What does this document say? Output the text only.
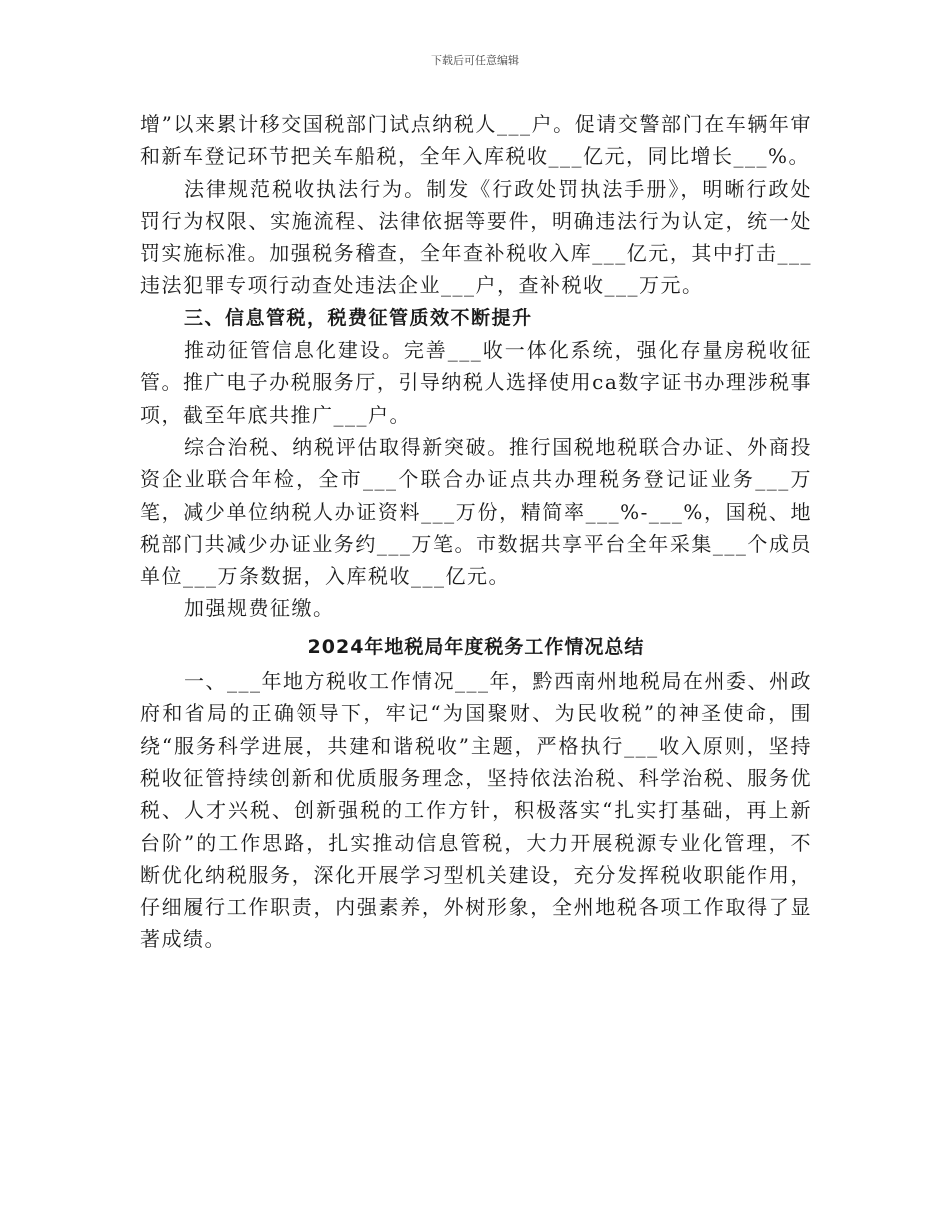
下载后可任意编辑

增”以来累计移交国税部门试点纳税人___户。促请交警部门在车辆年审和新车登记环节把关车船税，全年入库税收___亿元，同比增长___%。

法律规范税收执法行为。制发《行政处罚执法手册》，明晰行政处罚行为权限、实施流程、法律依据等要件，明确违法行为认定，统一处罚实施标准。加强税务稽查，全年查补税收入库___亿元，其中打击___违法犯罪专项行动查处违法企业___户，查补税收___万元。

三、信息管税，税费征管质效不断提升

推动征管信息化建设。完善___收一体化系统，强化存量房税收征管。推广电子办税服务厅，引导纳税人选择使用ca数字证书办理涉税事项，截至年底共推广___户。

综合治税、纳税评估取得新突破。推行国税地税联合办证、外商投资企业联合年检，全市___个联合办证点共办理税务登记证业务___万笔，减少单位纳税人办证资料___万份，精简率___%-___%，国税、地税部门共减少办证业务约___万笔。市数据共享平台全年采集___个成员单位___万条数据，入库税收___亿元。

加强规费征缴。

2024年地税局年度税务工作情况总结

一、___年地方税收工作情况___年，黔西南州地税局在州委、州政府和省局的正确领导下，牢记“为国聚财、为民收税”的神圣使命，围绕“服务科学进展，共建和谐税收”主题，严格执行___收入原则，坚持税收征管持续创新和优质服务理念，坚持依法治税、科学治税、服务优税、人才兴税、创新强税的工作方针，积极落实“扎实打基础，再上新台阶”的工作思路，扎实推动信息管税，大力开展税源专业化管理，不断优化纳税服务，深化开展学习型机关建设，充分发挥税收职能作用，仔细履行工作职责，内强素养，外树形象，全州地税各项工作取得了显著成绩。
